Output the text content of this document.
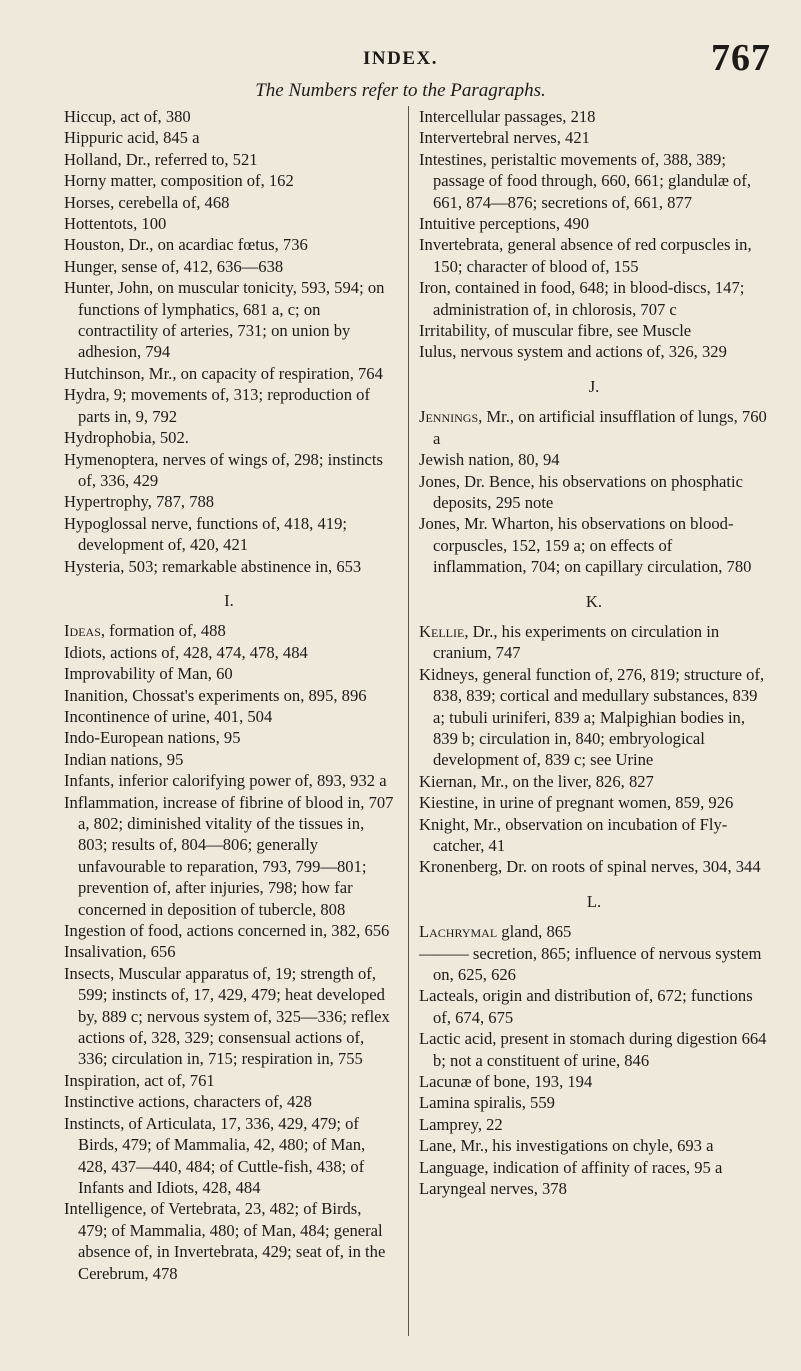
INDEX.	767
The Numbers refer to the Paragraphs.
Hiccup, act of, 380
Hippuric acid, 845 a
Holland, Dr., referred to, 521
Horny matter, composition of, 162
Horses, cerebella of, 468
Hottentots, 100
Houston, Dr., on acardiac fœtus, 736
Hunger, sense of, 412, 636—638
Hunter, John, on muscular tonicity, 593, 594; on functions of lymphatics, 681 a, c; on contractility of arteries, 731; on union by adhesion, 794
Hutchinson, Mr., on capacity of respiration, 764
Hydra, 9; movements of, 313; reproduction of parts in, 9, 792
Hydrophobia, 502.
Hymenoptera, nerves of wings of, 298; instincts of, 336, 429
Hypertrophy, 787, 788
Hypoglossal nerve, functions of, 418, 419; development of, 420, 421
Hysteria, 503; remarkable abstinence in, 653
I.
Ideas, formation of, 488
Idiots, actions of, 428, 474, 478, 484
Improvability of Man, 60
Inanition, Chossat's experiments on, 895, 896
Incontinence of urine, 401, 504
Indo-European nations, 95
Indian nations, 95
Infants, inferior calorifying power of, 893, 932 a
Inflammation, increase of fibrine of blood in, 707 a, 802; diminished vitality of the tissues in, 803; results of, 804—806; generally unfavourable to reparation, 793, 799—801; prevention of, after injuries, 798; how far concerned in deposition of tubercle, 808
Ingestion of food, actions concerned in, 382, 656
Insalivation, 656
Insects, Muscular apparatus of, 19; strength of, 599; instincts of, 17, 429, 479; heat developed by, 889 c; nervous system of, 325—336; reflex actions of, 328, 329; consensual actions of, 336; circulation in, 715; respiration in, 755
Inspiration, act of, 761
Instinctive actions, characters of, 428
Instincts, of Articulata, 17, 336, 429, 479; of Birds, 479; of Mammalia, 42, 480; of Man, 428, 437—440, 484; of Cuttle-fish, 438; of Infants and Idiots, 428, 484
Intelligence, of Vertebrata, 23, 482; of Birds, 479; of Mammalia, 480; of Man, 484; general absence of, in Invertebrata, 429; seat of, in the Cerebrum, 478
Intercellular passages, 218
Intervertebral nerves, 421
Intestines, peristaltic movements of, 388, 389; passage of food through, 660, 661; glandulæ of, 661, 874—876; secretions of, 661, 877
Intuitive perceptions, 490
Invertebrata, general absence of red corpuscles in, 150; character of blood of, 155
Iron, contained in food, 648; in blood-discs, 147; administration of, in chlorosis, 707 c
Irritability, of muscular fibre, see Muscle
Iulus, nervous system and actions of, 326, 329
J.
Jennings, Mr., on artificial insufflation of lungs, 760 a
Jewish nation, 80, 94
Jones, Dr. Bence, his observations on phosphatic deposits, 295 note
Jones, Mr. Wharton, his observations on blood-corpuscles, 152, 159 a; on effects of inflammation, 704; on capillary circulation, 780
K.
Kellie, Dr., his experiments on circulation in cranium, 747
Kidneys, general function of, 276, 819; structure of, 838, 839; cortical and medullary substances, 839 a; tubuli uriniferi, 839 a; Malpighian bodies in, 839 b; circulation in, 840; embryological development of, 839 c; see Urine
Kiernan, Mr., on the liver, 826, 827
Kiestine, in urine of pregnant women, 859, 926
Knight, Mr., observation on incubation of Fly-catcher, 41
Kronenberg, Dr. on roots of spinal nerves, 304, 344
L.
Lachrymal gland, 865
——— secretion, 865; influence of nervous system on, 625, 626
Lacteals, origin and distribution of, 672; functions of, 674, 675
Lactic acid, present in stomach during digestion 664 b; not a constituent of urine, 846
Lacunæ of bone, 193, 194
Lamina spiralis, 559
Lamprey, 22
Lane, Mr., his investigations on chyle, 693 a
Language, indication of affinity of races, 95 a
Laryngeal nerves, 378
